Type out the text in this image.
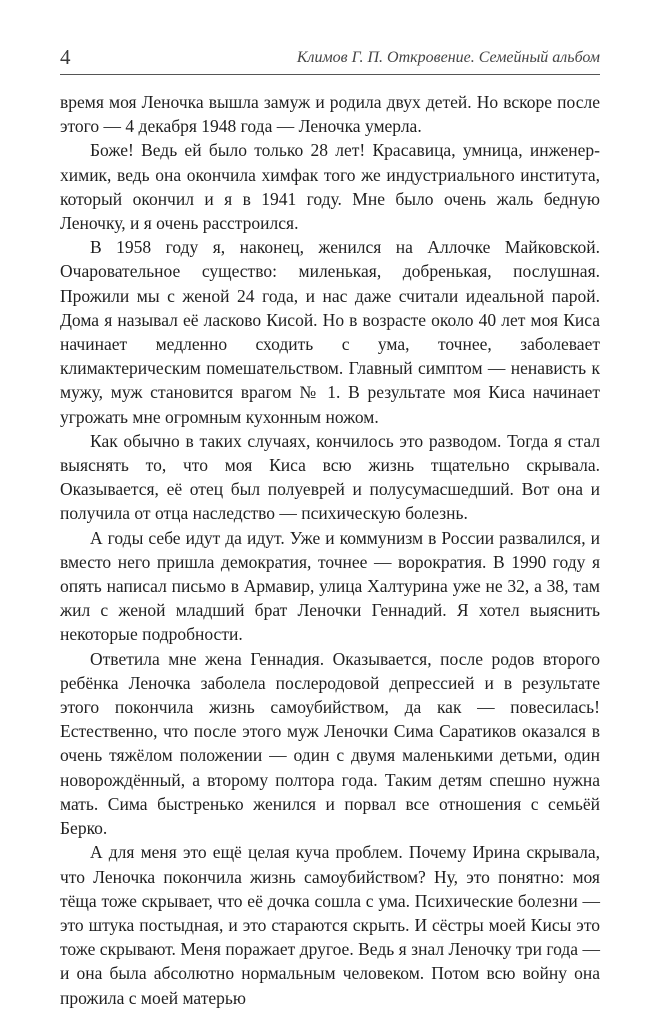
4	Климов Г. П. Откровение. Семейный альбом

время моя Леночка вышла замуж и родила двух детей. Но вскоре после этого — 4 декабря 1948 года — Леночка умерла.

Боже! Ведь ей было только 28 лет! Красавица, умница, инженер-химик, ведь она окончила химфак того же индустриального института, который окончил и я в 1941 году. Мне было очень жаль бедную Леночку, и я очень расстроился.

В 1958 году я, наконец, женился на Аллочке Майковской. Очаровательное существо: миленькая, добренькая, послушная. Прожили мы с женой 24 года, и нас даже считали идеальной парой. Дома я называл её ласково Кисой. Но в возрасте около 40 лет моя Киса начинает медленно сходить с ума, точнее, заболевает климактерическим помешательством. Главный симптом — ненависть к мужу, муж становится врагом № 1. В результате моя Киса начинает угрожать мне огромным кухонным ножом.

Как обычно в таких случаях, кончилось это разводом. Тогда я стал выяснять то, что моя Киса всю жизнь тщательно скрывала. Оказывается, её отец был полуеврей и полусумасшедший. Вот она и получила от отца наследство — психическую болезнь.

А годы себе идут да идут. Уже и коммунизм в России развалился, и вместо него пришла демократия, точнее — ворократия. В 1990 году я опять написал письмо в Армавир, улица Халтурина уже не 32, а 38, там жил с женой младший брат Леночки Геннадий. Я хотел выяснить некоторые подробности.

Ответила мне жена Геннадия. Оказывается, после родов второго ребёнка Леночка заболела послеродовой депрессией и в результате этого покончила жизнь самоубийством, да как — повесилась! Естественно, что после этого муж Леночки Сима Саратиков оказался в очень тяжёлом положении — один с двумя маленькими детьми, один новорождённый, а второму полтора года. Таким детям спешно нужна мать. Сима быстренько женился и порвал все отношения с семьёй Берко.

А для меня это ещё целая куча проблем. Почему Ирина скрывала, что Леночка покончила жизнь самоубийством? Ну, это понятно: моя тёща тоже скрывает, что её дочка сошла с ума. Психические болезни — это штука постыдная, и это стараются скрыть. И сёстры моей Кисы это тоже скрывают. Меня поражает другое. Ведь я знал Леночку три года — и она была абсолютно нормальным человеком. Потом всю войну она прожила с моей матерью
